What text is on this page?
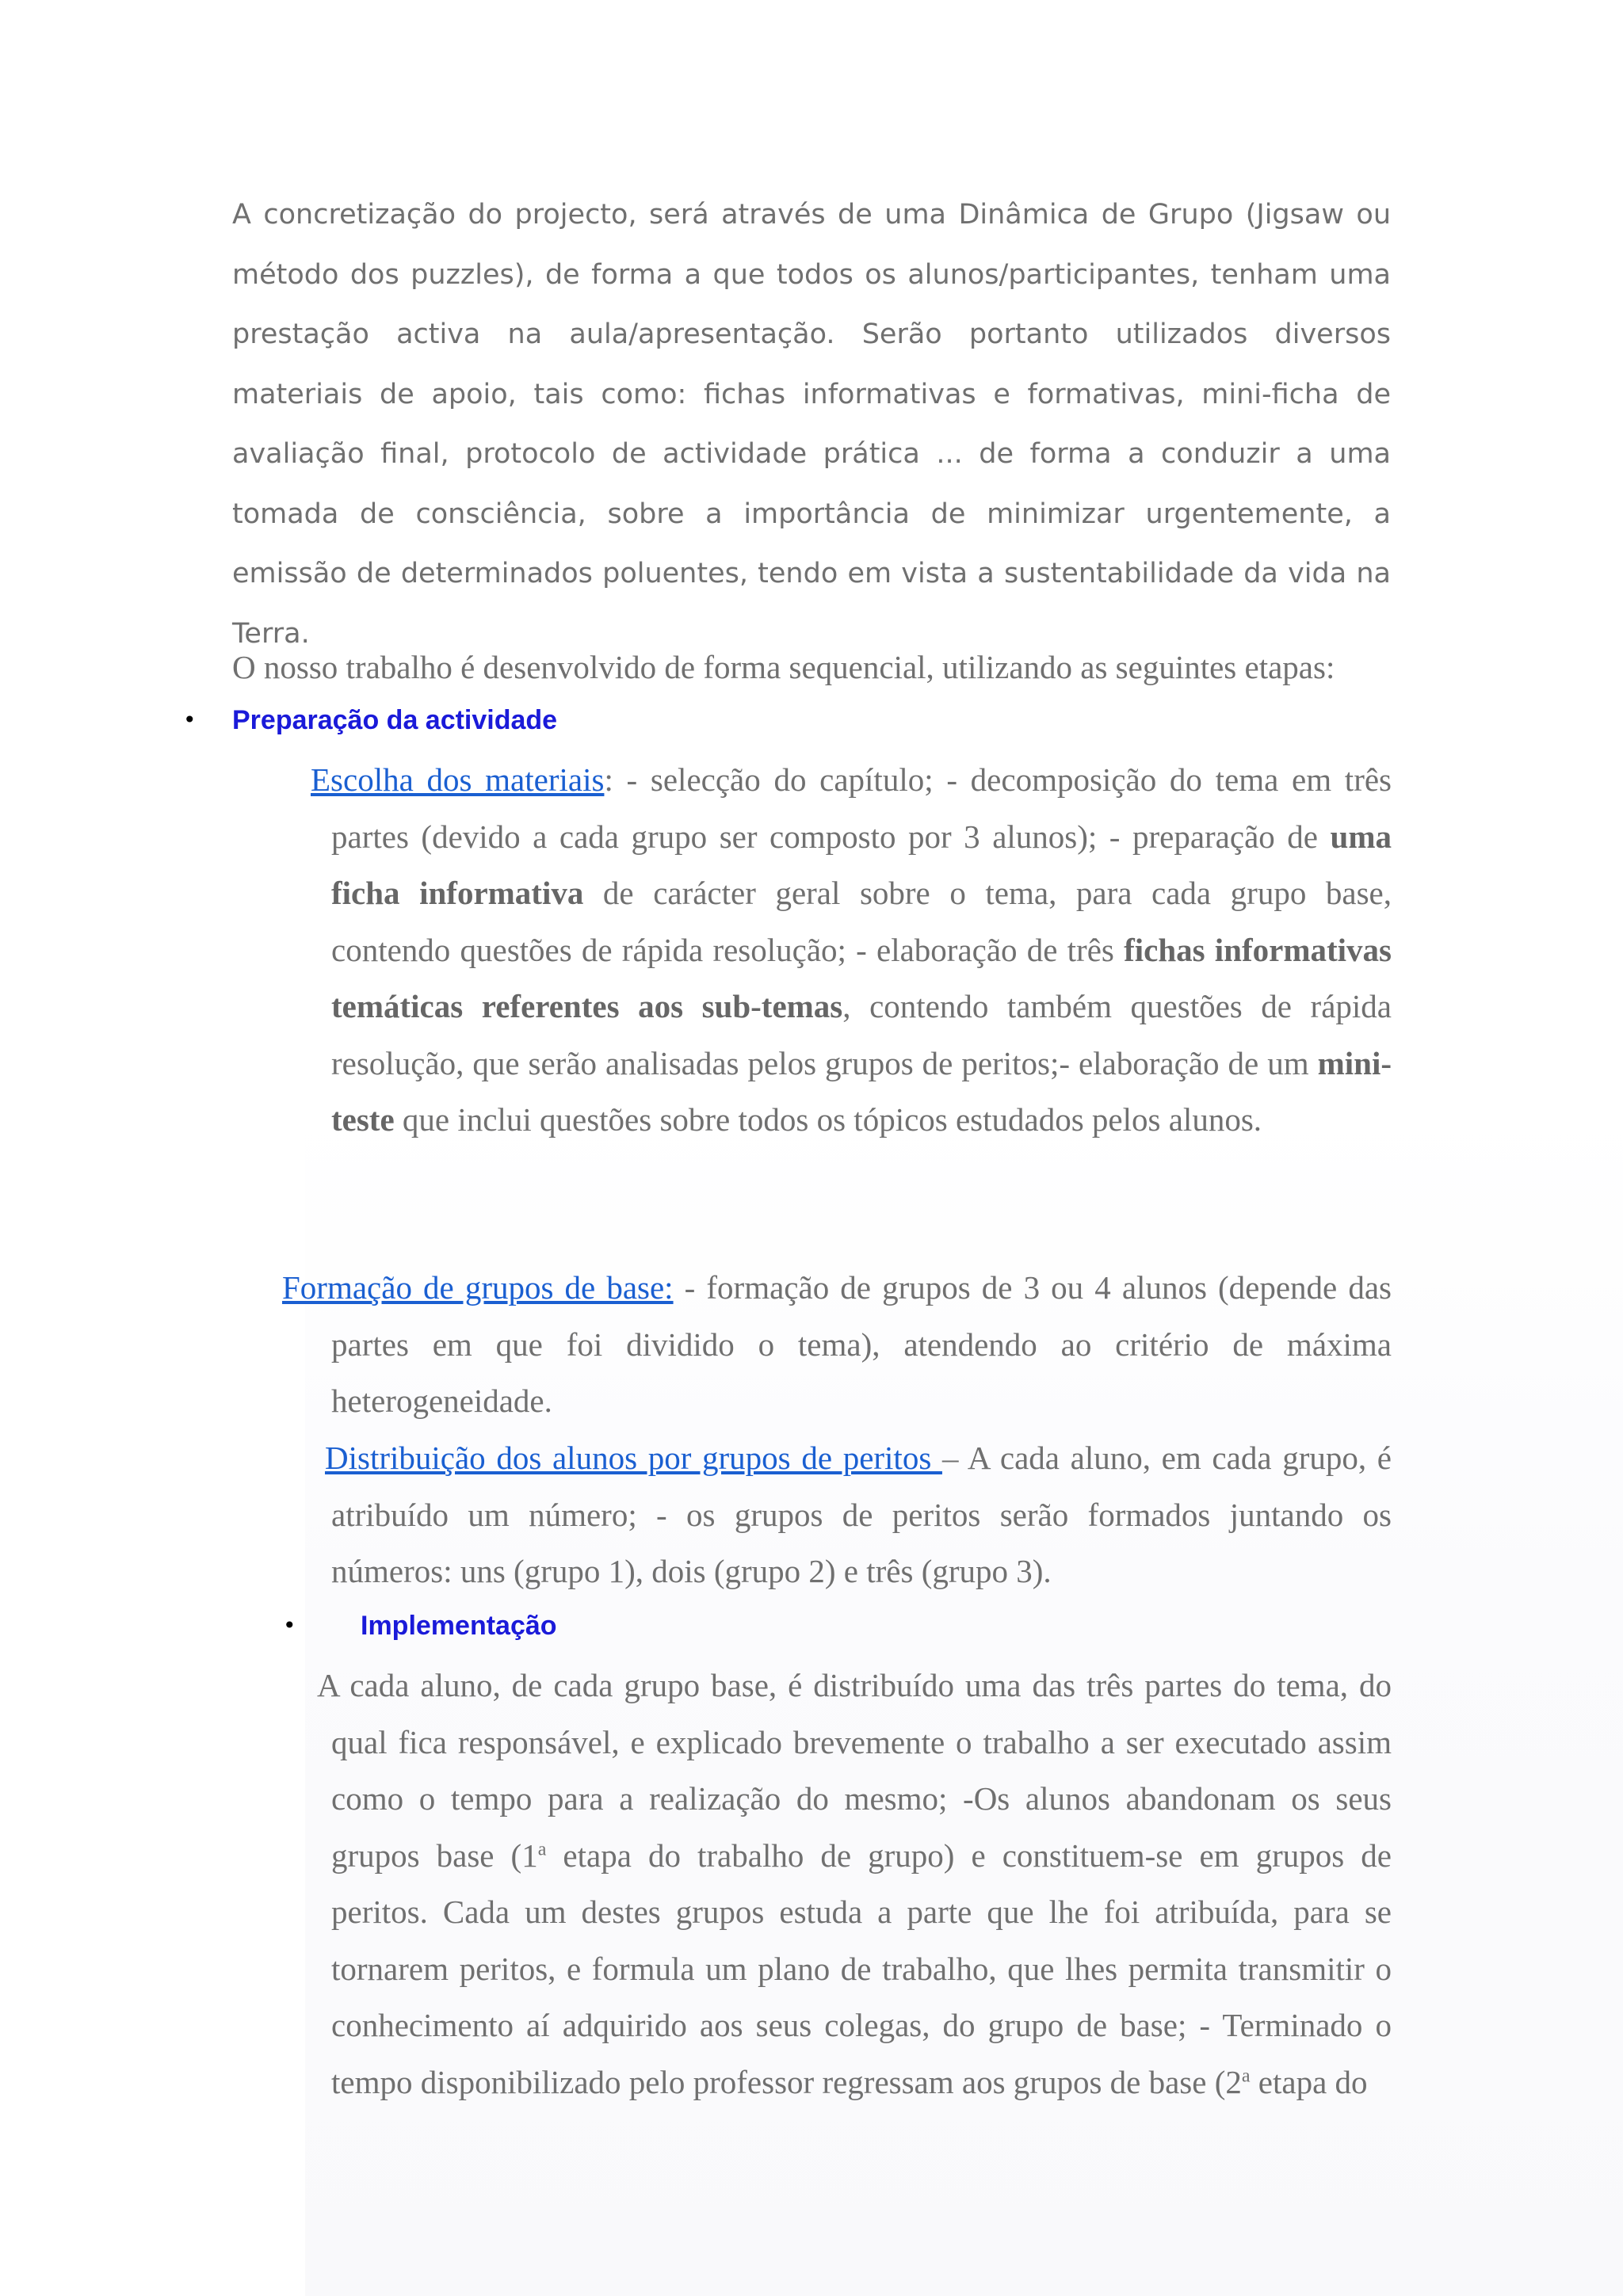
A concretização do projecto, será através de uma Dinâmica de Grupo (Jigsaw ou método dos puzzles), de forma a que todos os alunos/participantes, tenham uma prestação activa na aula/apresentação. Serão portanto utilizados diversos materiais de apoio, tais como: fichas informativas e formativas, mini-ficha de avaliação final, protocolo de actividade prática ... de forma a conduzir a uma tomada de consciência, sobre a importância de minimizar urgentemente, a emissão de determinados poluentes, tendo em vista a sustentabilidade da vida na Terra.

O nosso trabalho é desenvolvido de forma sequencial, utilizando as seguintes etapas:

• Preparação da actividade

Escolha dos materiais: - selecção do capítulo; - decomposição do tema em três partes (devido a cada grupo ser composto por 3 alunos); - preparação de uma ficha informativa de carácter geral sobre o tema, para cada grupo base, contendo questões de rápida resolução; - elaboração de três fichas informativas temáticas referentes aos sub-temas, contendo também questões de rápida resolução, que serão analisadas pelos grupos de peritos;- elaboração de um mini-teste que inclui questões sobre todos os tópicos estudados pelos alunos.

Formação de grupos de base: - formação de grupos de 3 ou 4 alunos (depende das partes em que foi dividido o tema), atendendo ao critério de máxima heterogeneidade.

Distribuição dos alunos por grupos de peritos – A cada aluno, em cada grupo, é atribuído um número; - os grupos de peritos serão formados juntando os números: uns (grupo 1), dois (grupo 2) e três (grupo 3).

• Implementação

A cada aluno, de cada grupo base, é distribuído uma das três partes do tema, do qual fica responsável, e explicado brevemente o trabalho a ser executado assim como o tempo para a realização do mesmo; -Os alunos abandonam os seus grupos base (1$^a$ etapa do trabalho de grupo) e constituem-se em grupos de peritos. Cada um destes grupos estuda a parte que lhe foi atribuída, para se tornarem peritos, e formula um plano de trabalho, que lhes permita transmitir o conhecimento aí adquirido aos seus colegas, do grupo de base; - Terminado o tempo disponibilizado pelo professor regressam aos grupos de base (2$^a$ etapa do
